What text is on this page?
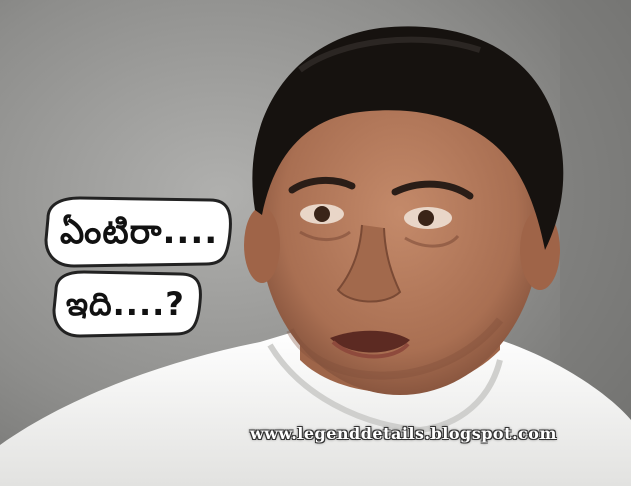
ఏంటిరా....
ఇది....?
www.legenddetails.blogspot.com
